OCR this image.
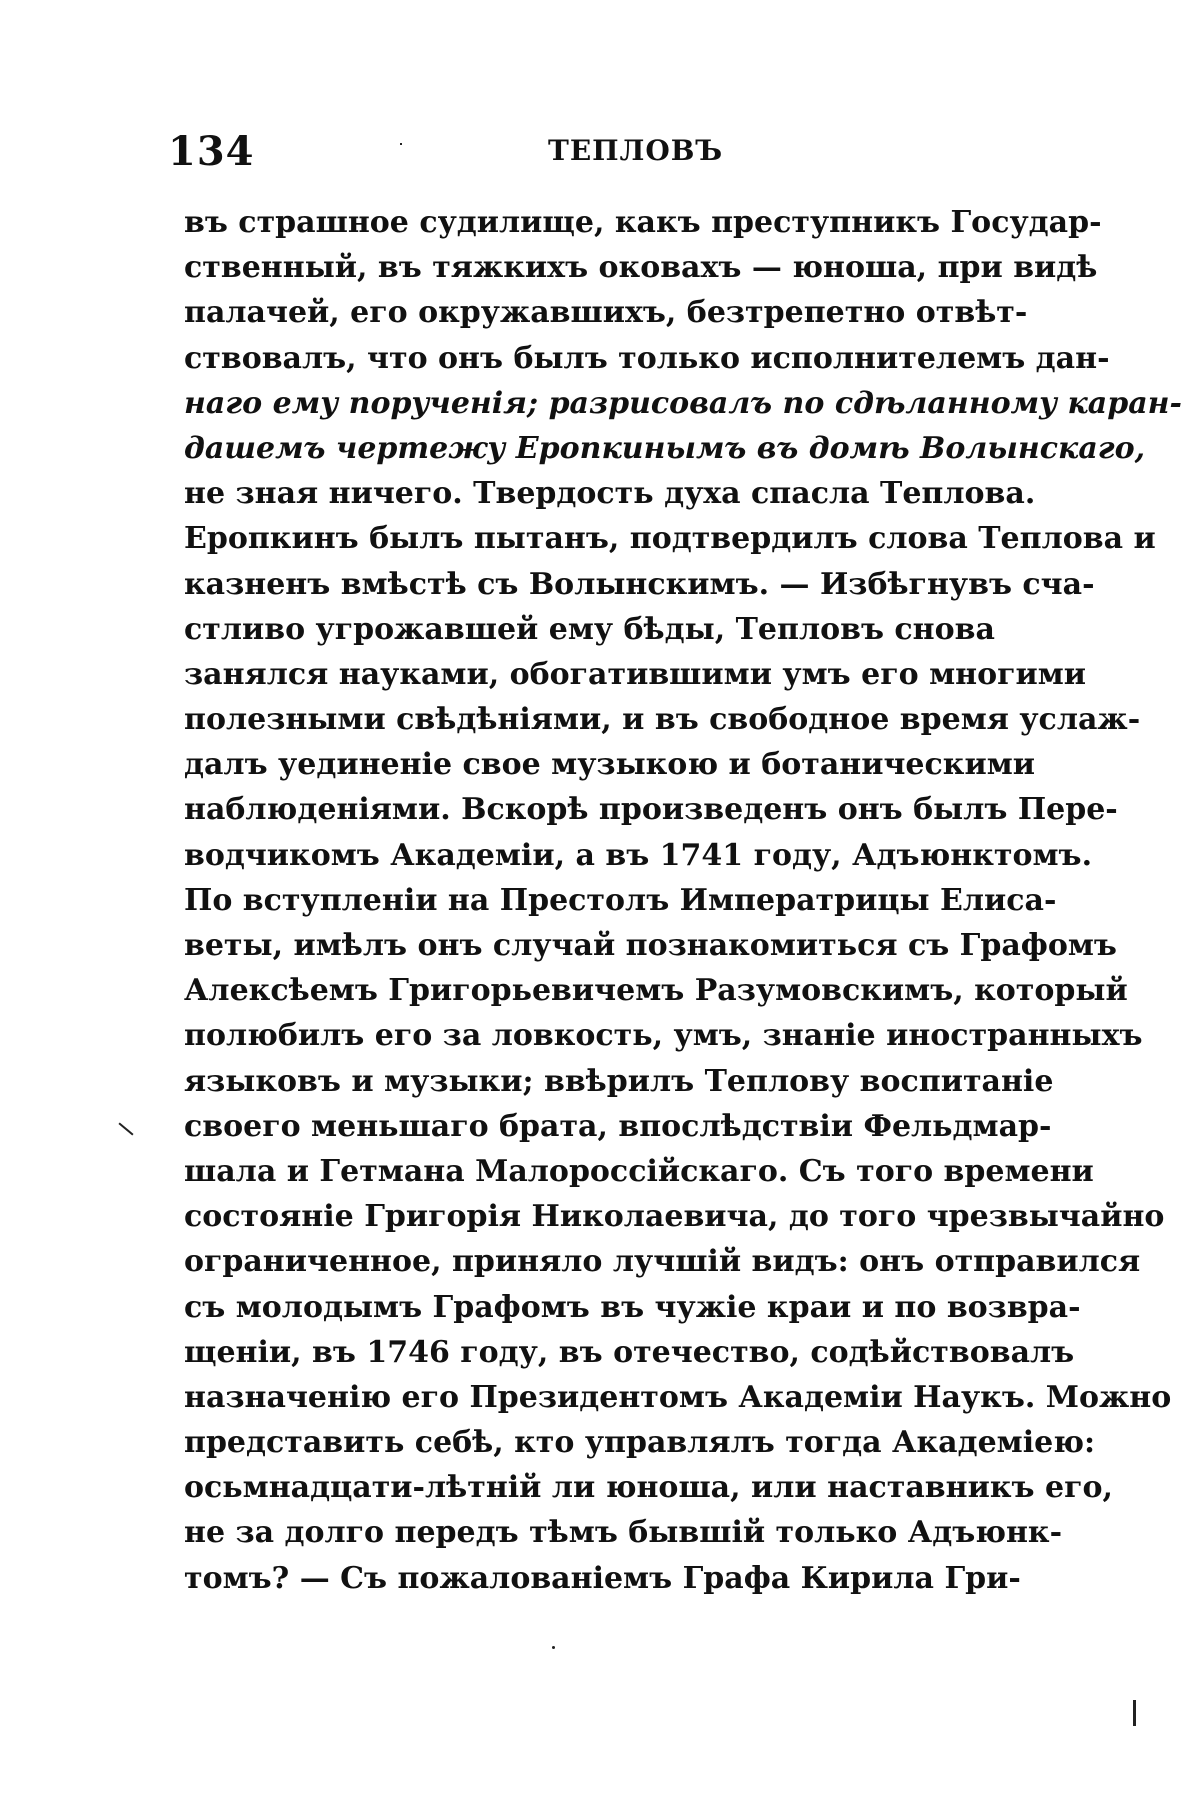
134	ТЕПЛОВЪ
въ страшное судилище, какъ преступникъ Государ-
ственный, въ тяжкихъ оковахъ — юноша, при видѣ
палачей, его окружавшихъ, безтрепетно отвѣт-
ствовалъ, что онъ былъ только исполнителемъ дан-
наго ему порученія; разрисовалъ по сдѣланному каран-
дашемъ чертежу Еропкинымъ въ домѣ Волынскаго,
не зная ничего. Твердость духа спасла Теплова.
Еропкинъ былъ пытанъ, подтвердилъ слова Теплова и
казненъ вмѣстѣ съ Волынскимъ. — Избѣгнувъ сча-
стливо угрожавшей ему бѣды, Тепловъ снова
занялся науками, обогатившими умъ его многими
полезными свѣдѣніями, и въ свободное время услаж-
далъ уединеніе свое музыкою и ботаническими
наблюденіями. Вскорѣ произведенъ онъ былъ Пере-
водчикомъ Академіи, а въ 1741 году, Адъюнктомъ.
По вступленіи на Престолъ Императрицы Елиса-
веты, имѣлъ онъ случай познакомиться съ Графомъ
Алексѣемъ Григорьевичемъ Разумовскимъ, который
полюбилъ его за ловкость, умъ, знаніе иностранныхъ
языковъ и музыки; ввѣрилъ Теплову воспитаніе
своего меньшаго брата, впослѣдствіи Фельдмар-
шала и Гетмана Малороссійскаго. Съ того времени
состояніе Григорія Николаевича, до того чрезвычайно
ограниченное, приняло лучшій видъ: онъ отправился
съ молодымъ Графомъ въ чужіе краи и по возвра-
щеніи, въ 1746 году, въ отечество, содѣйствовалъ
назначенію его Президентомъ Академіи Наукъ. Можно
представить себѣ, кто управлялъ тогда Академіею:
осьмнадцати-лѣтній ли юноша, или наставникъ его,
не за долго передъ тѣмъ бывшій только Адъюнк-
томъ? — Съ пожалованіемъ Графа Кирила Гри-
